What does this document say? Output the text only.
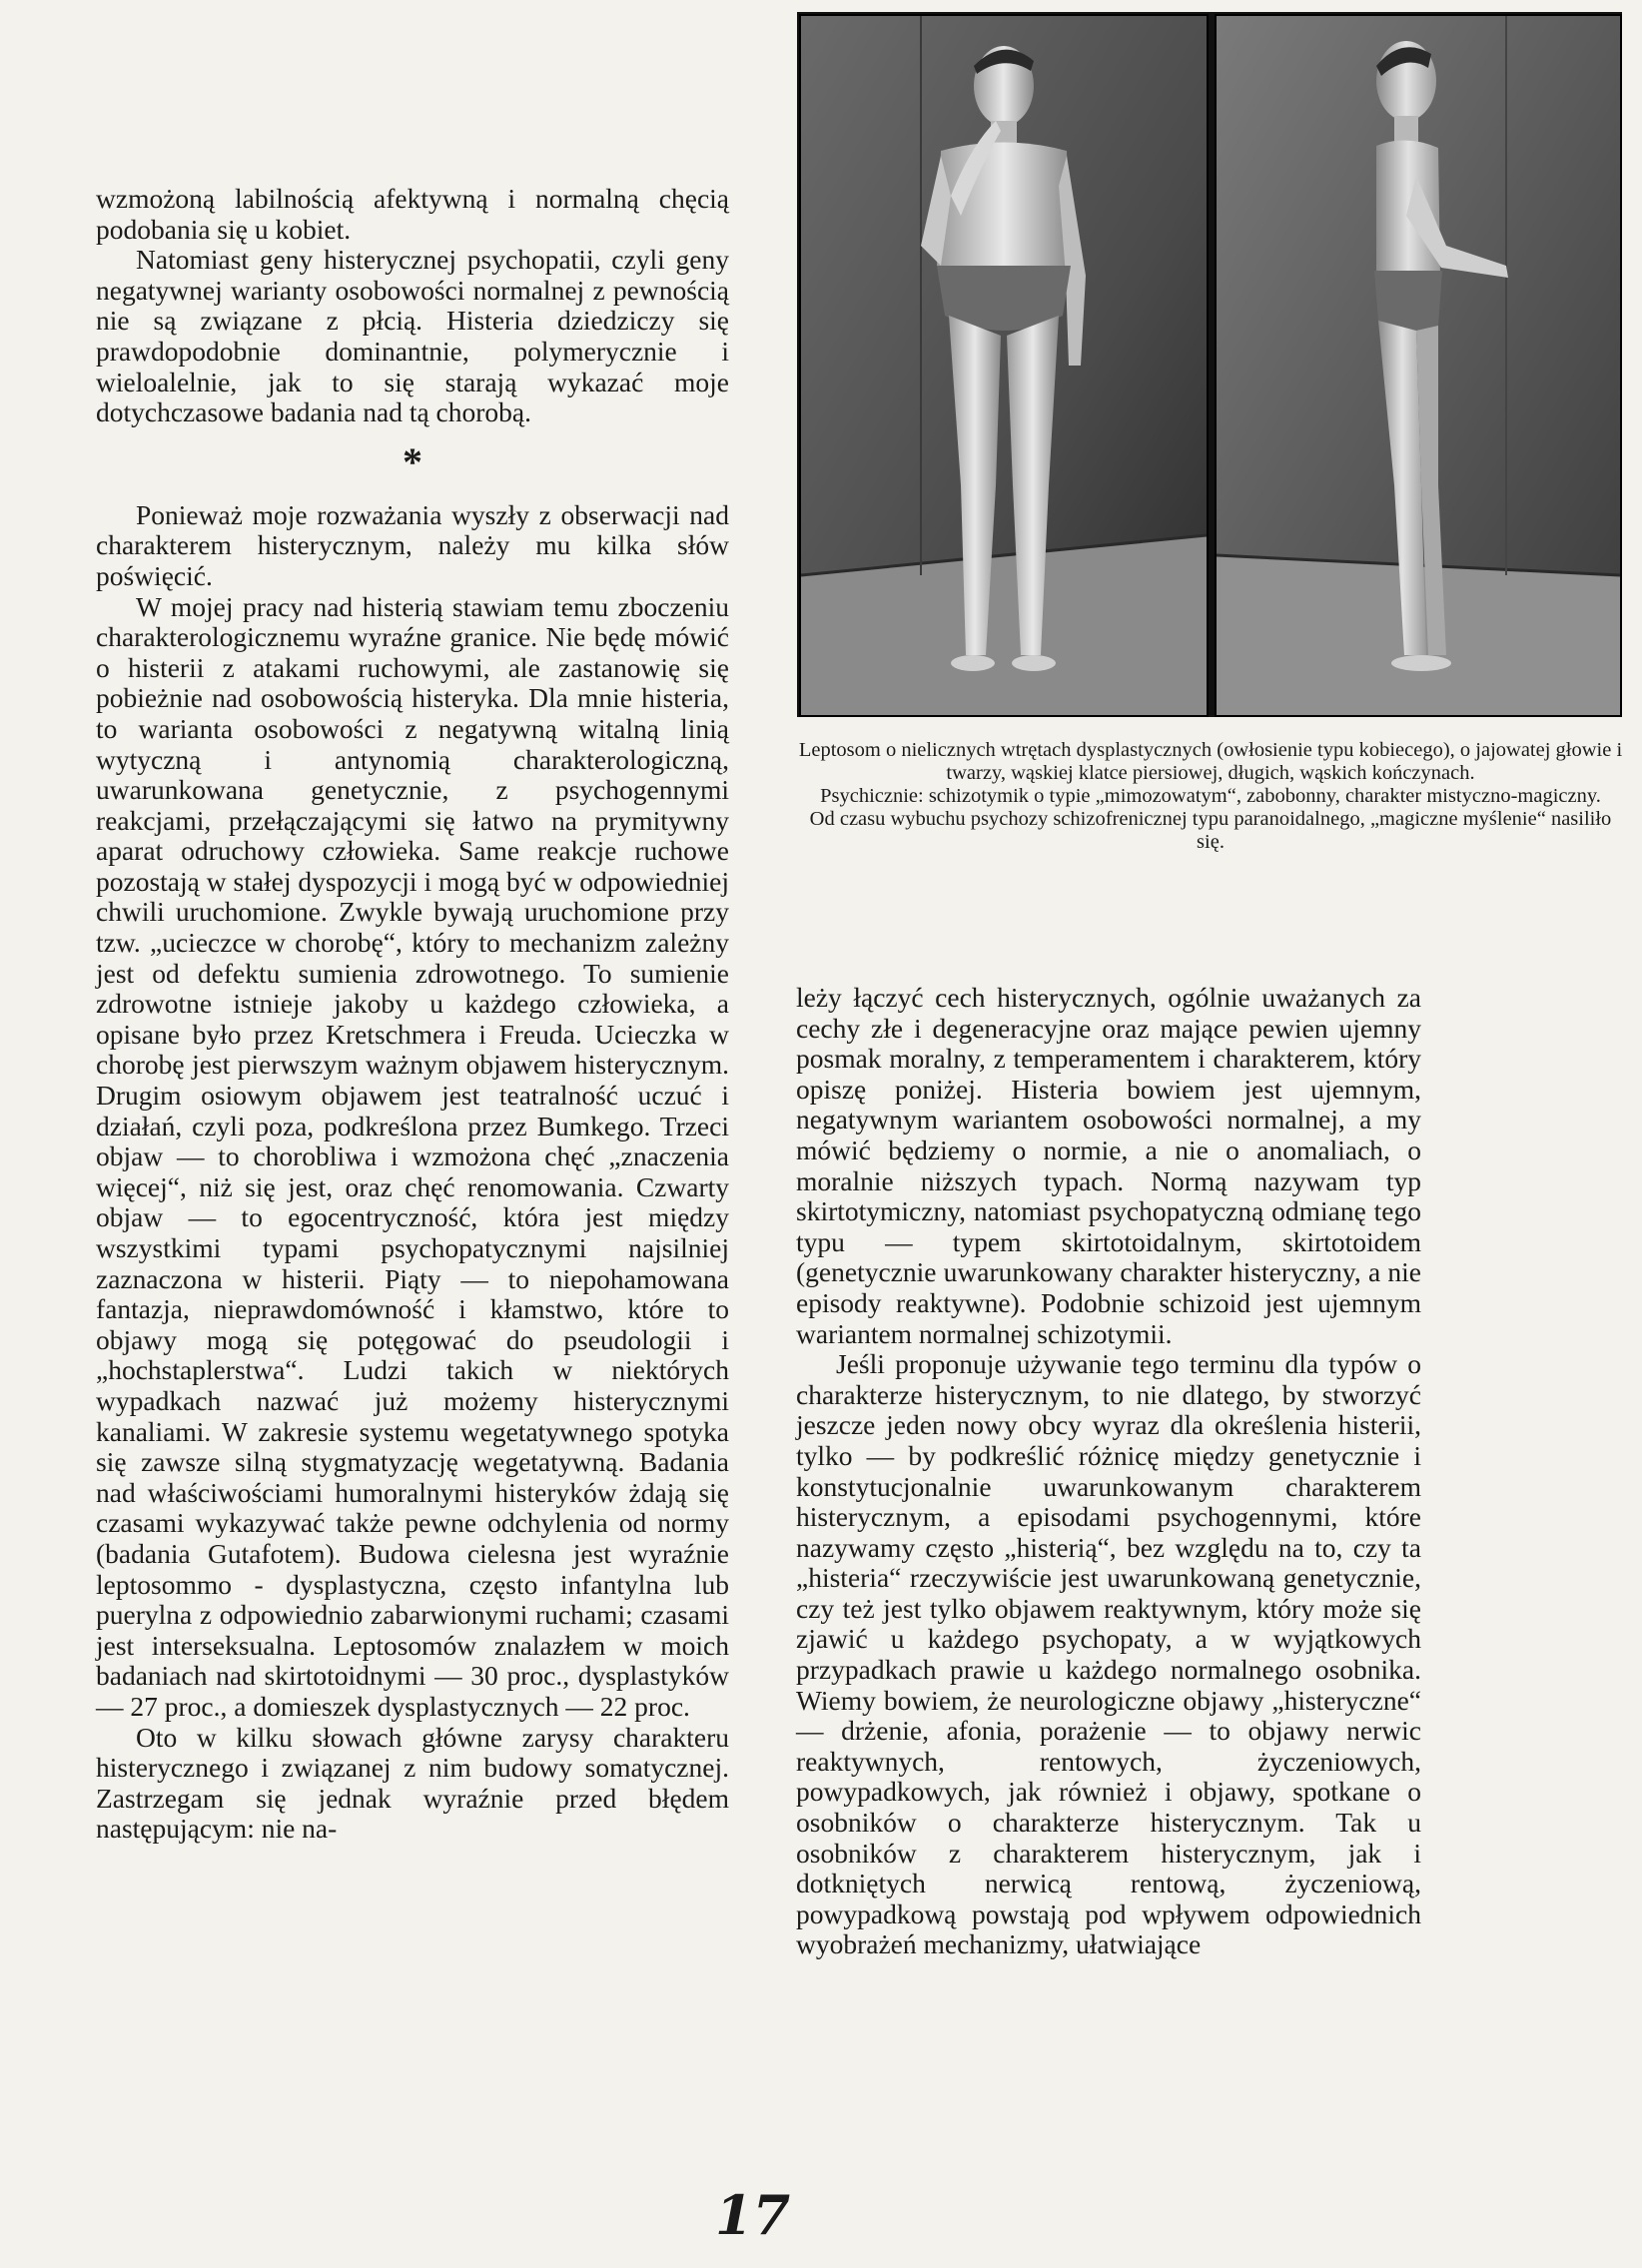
wzmożoną labilnością afektywną i normalną chęcią podobania się u kobiet.

Natomiast geny histerycznej psychopatii, czyli geny negatywnej warianty osobowości normalnej z pewnością nie są związane z płcią. Histeria dziedziczy się prawdopodobnie dominantnie, polymerycznie i wieloalelnie, jak to się starają wykazać moje dotychczasowe badania nad tą chorobą.

*

Ponieważ moje rozważania wyszły z obserwacji nad charakterem histerycznym, należy mu kilka słów poświęcić.

W mojej pracy nad histerią stawiam temu zboczeniu charakterologicznemu wyraźne granice. Nie będę mówić o histerii z atakami ruchowymi, ale zastanowię się pobieżnie nad osobowością histeryka. Dla mnie histeria, to warianta osobowości z negatywną witalną linią wytyczną i antynomią charakterologiczną, uwarunkowana genetycznie, z psychogennymi reakcjami, przełączającymi się łatwo na prymitywny aparat odruchowy człowieka. Same reakcje ruchowe pozostają w stałej dyspozycji i mogą być w odpowiedniej chwili uruchomione. Zwykle bywają uruchomione przy tzw. „ucieczce w chorobę“, który to mechanizm zależny jest od defektu sumienia zdrowotnego. To sumienie zdrowotne istnieje jakoby u każdego człowieka, a opisane było przez Kretschmera i Freuda. Ucieczka w chorobę jest pierwszym ważnym objawem histerycznym. Drugim osiowym objawem jest teatralność uczuć i działań, czyli poza, podkreślona przez Bumkego. Trzeci objaw — to chorobliwa i wzmożona chęć „znaczenia więcej“, niż się jest, oraz chęć renomowania. Czwarty objaw — to egocentryczność, która jest między wszystkimi typami psychopatycznymi najsilniej zaznaczona w histerii. Piąty — to niepohamowana fantazja, nieprawdomówność i kłamstwo, które to objawy mogą się potęgować do pseudologii i „hochstaplerstwa“. Ludzi takich w niektórych wypadkach nazwać już możemy histerycznymi kanaliami. W zakresie systemu wegetatywnego spotyka się zawsze silną stygmatyzację wegetatywną. Badania nad właściwościami humoralnymi histeryków żdają się czasami wykazywać także pewne odchylenia od normy (badania Gutafotem). Budowa cielesna jest wyraźnie leptosommo - dysplastyczna, często infantylna lub puerylna z odpowiednio zabarwionymi ruchami; czasami jest interseksualna. Leptosomów znalazłem w moich badaniach nad skirtotoidnymi — 30 proc., dysplastyków — 27 proc., a domieszek dysplastycznych — 22 proc.

Oto w kilku słowach główne zarysy charakteru histerycznego i związanej z nim budowy somatycznej. Zastrzegam się jednak wyraźnie przed błędem następującym: nie na-

Leptosom o nielicznych wtrętach dysplastycznych (owłosienie typu kobiecego), o jajowatej głowie i twarzy, wąskiej klatce piersiowej, długich, wąskich kończynach.
Psychicznie: schizotymik o typie „mimozowatym“, zabobonny, charakter mistyczno-magiczny.
Od czasu wybuchu psychozy schizofrenicznej typu paranoidalnego, „magiczne myślenie“ nasiliło się.

leży łączyć cech histerycznych, ogólnie uważanych za cechy złe i degeneracyjne oraz mające pewien ujemny posmak moralny, z temperamentem i charakterem, który opiszę poniżej. Histeria bowiem jest ujemnym, negatywnym wariantem osobowości normalnej, a my mówić będziemy o normie, a nie o anomaliach, o moralnie niższych typach. Normą nazywam typ skirtotymiczny, natomiast psychopatyczną odmianę tego typu — typem skirtotoidalnym, skirtotoidem (genetycznie uwarunkowany charakter histeryczny, a nie episody reaktywne). Podobnie schizoid jest ujemnym wariantem normalnej schizotymii.

Jeśli proponuje używanie tego terminu dla typów o charakterze histerycznym, to nie dlatego, by stworzyć jeszcze jeden nowy obcy wyraz dla określenia histerii, tylko — by podkreślić różnicę między genetycznie i konstytucjonalnie uwarunkowanym charakterem histerycznym, a episodami psychogennymi, które nazywamy często „histerią“, bez względu na to, czy ta „histeria“ rzeczywiście jest uwarunkowaną genetycznie, czy też jest tylko objawem reaktywnym, który może się zjawić u każdego psychopaty, a w wyjątkowych przypadkach prawie u każdego normalnego osobnika. Wiemy bowiem, że neurologiczne objawy „histeryczne“ — drżenie, afonia, porażenie — to objawy nerwic reaktywnych, rentowych, życzeniowych, powypadkowych, jak również i objawy, spotkane o osobników o charakterze histerycznym. Tak u osobników z charakterem histerycznym, jak i dotkniętych nerwicą rentową, życzeniową, powypadkową powstają pod wpływem odpowiednich wyobrażeń mechanizmy, ułatwiające

17
